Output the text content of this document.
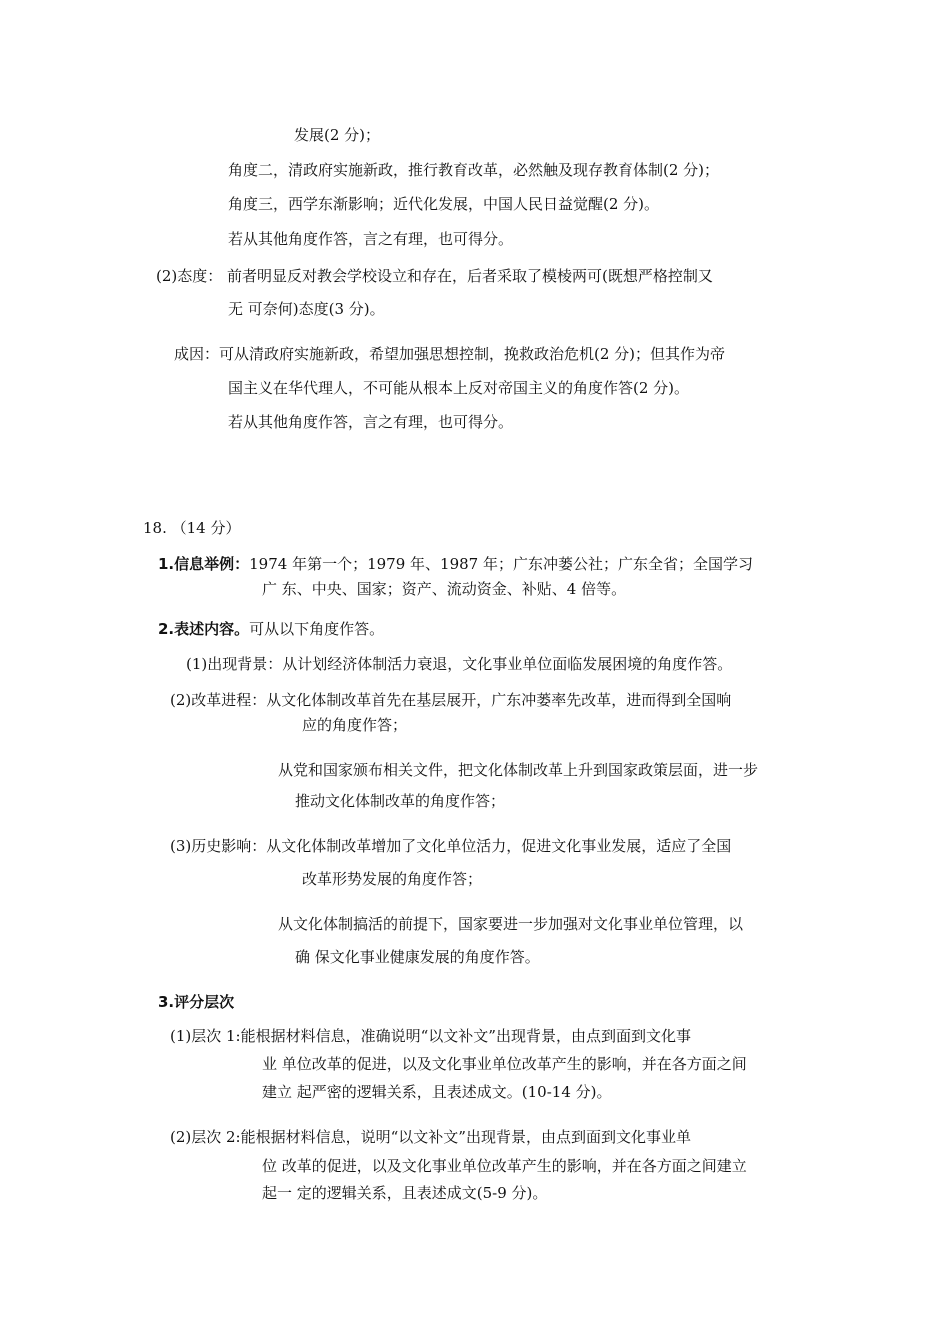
发展(2 分)；
角度二，清政府实施新政，推行教育改革，必然触及现存教育体制(2 分)；
角度三，西学东渐影响；近代化发展，中国人民日益觉醒(2 分)。
若从其他角度作答，言之有理，也可得分。
(2)态度： 前者明显反对教会学校设立和存在，后者采取了模棱两可(既想严格控制又
无 可奈何)态度(3 分)。
成因：可从清政府实施新政，希望加强思想控制，挽救政治危机(2 分)；但其作为帝
国主义在华代理人，不可能从根本上反对帝国主义的角度作答(2 分)。
若从其他角度作答，言之有理，也可得分。
18. （14 分）
1.信息举例：1974 年第一个；1979 年、1987 年；广东冲蒌公社；广东全省；全国学习
广 东、中央、国家；资产、流动资金、补贴、4 倍等。
2.表述内容。可从以下角度作答。
(1)出现背景：从计划经济体制活力衰退，文化事业单位面临发展困境的角度作答。
(2)改革进程：从文化体制改革首先在基层展开，广东冲蒌率先改革，进而得到全国响
应的角度作答；
从党和国家颁布相关文件，把文化体制改革上升到国家政策层面，进一步
推动文化体制改革的角度作答；
(3)历史影响：从文化体制改革增加了文化单位活力，促进文化事业发展，适应了全国
改革形势发展的角度作答；
从文化体制搞活的前提下，国家要进一步加强对文化事业单位管理，以
确 保文化事业健康发展的角度作答。
3.评分层次
(1)层次 1:能根据材料信息，准确说明“以文补文”出现背景，由点到面到文化事
业 单位改革的促进，以及文化事业单位改革产生的影响，并在各方面之间
建立 起严密的逻辑关系，且表述成文。(10-14 分)。
(2)层次 2:能根据材料信息，说明“以文补文”出现背景，由点到面到文化事业单
位 改革的促进，以及文化事业单位改革产生的影响，并在各方面之间建立
起一 定的逻辑关系，且表述成文(5-9 分)。
